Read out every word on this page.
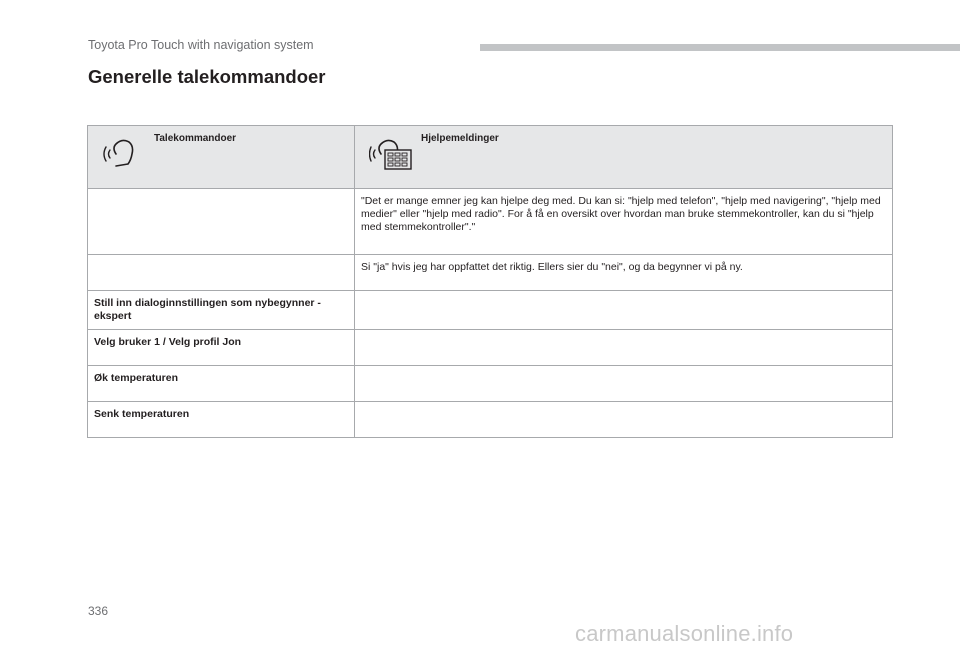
Toyota Pro Touch with navigation system
Generelle talekommandoer
Talekommandoer	Hjelpemeldinger

	"Det er mange emner jeg kan hjelpe deg med. Du kan si: "hjelp med telefon", "hjelp med navigering", "hjelp med medier" eller "hjelp med radio". For å få en oversikt over hvordan man bruke stemmekontroller, kan du si "hjelp med stemmekontroller"."
	Si "ja" hvis jeg har oppfattet det riktig. Ellers sier du "nei", og da begynner vi på ny.
Still inn dialoginnstillingen som nybegynner - ekspert	
Velg bruker 1 / Velg profil Jon	
Øk temperaturen	
Senk temperaturen	
336
carmanualsonline.info
